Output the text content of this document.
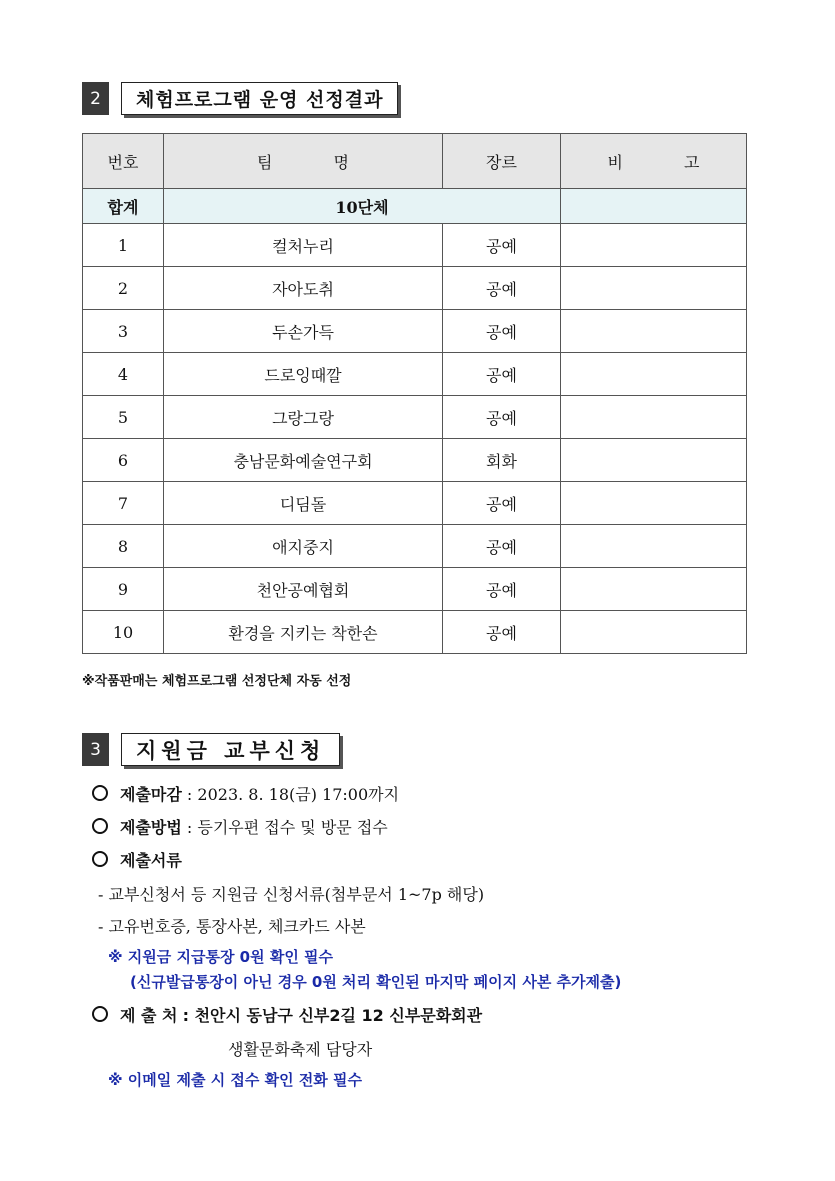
2	체험프로그램 운영 선정결과
번호	팀 명	장르	비 고
합계	10단체		
1	컬처누리	공예	
2	자아도취	공예	
3	두손가득	공예	
4	드로잉때깔	공예	
5	그랑그랑	공예	
6	충남문화예술연구회	회화	
7	디딤돌	공예	
8	애지중지	공예	
9	천안공예협회	공예	
10	환경을 지키는 착한손	공예	
※작품판매는 체험프로그램 선정단체 자동 선정
3	지원금 교부신청
제출마감 : 2023. 8. 18(금) 17:00까지
제출방법 : 등기우편 접수 및 방문 접수
제출서류
- 교부신청서 등 지원금 신청서류(첨부문서 1~7p 해당)
- 고유번호증, 통장사본, 체크카드 사본
※ 지원금 지급통장 0원 확인 필수
(신규발급통장이 아닌 경우 0원 처리 확인된 마지막 페이지 사본 추가제출)
제 출 처 : 천안시 동남구 신부2길 12 신부문화회관
생활문화축제 담당자
※ 이메일 제출 시 접수 확인 전화 필수
